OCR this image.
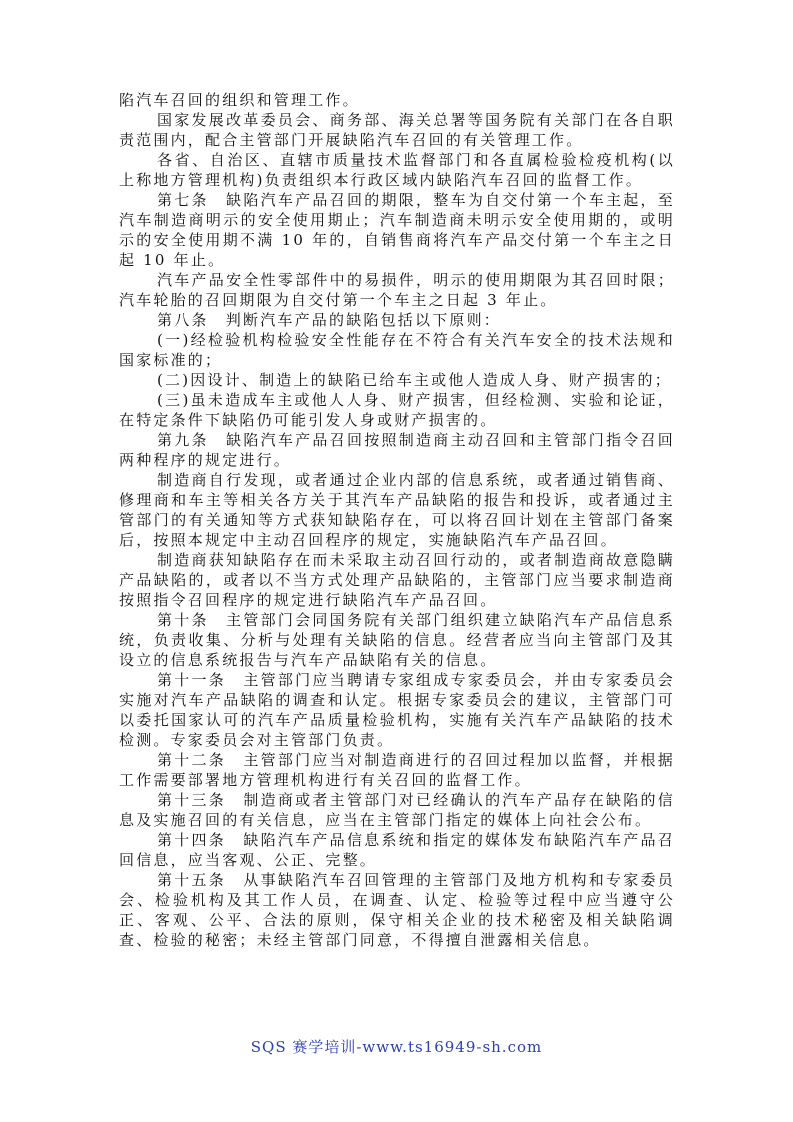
陷汽车召回的组织和管理工作。

国家发展改革委员会、商务部、海关总署等国务院有关部门在各自职责范围内，配合主管部门开展缺陷汽车召回的有关管理工作。

各省、自治区、直辖市质量技术监督部门和各直属检验检疫机构(以上称地方管理机构)负责组织本行政区域内缺陷汽车召回的监督工作。

第七条　缺陷汽车产品召回的期限，整车为自交付第一个车主起，至汽车制造商明示的安全使用期止；汽车制造商未明示安全使用期的，或明示的安全使用期不满 10 年的，自销售商将汽车产品交付第一个车主之日起 10 年止。

汽车产品安全性零部件中的易损件，明示的使用期限为其召回时限；汽车轮胎的召回期限为自交付第一个车主之日起 3 年止。

第八条　判断汽车产品的缺陷包括以下原则：

(一)经检验机构检验安全性能存在不符合有关汽车安全的技术法规和国家标准的；

(二)因设计、制造上的缺陷已给车主或他人造成人身、财产损害的；

(三)虽未造成车主或他人人身、财产损害，但经检测、实验和论证，在特定条件下缺陷仍可能引发人身或财产损害的。

第九条　缺陷汽车产品召回按照制造商主动召回和主管部门指令召回两种程序的规定进行。

制造商自行发现，或者通过企业内部的信息系统，或者通过销售商、修理商和车主等相关各方关于其汽车产品缺陷的报告和投诉，或者通过主管部门的有关通知等方式获知缺陷存在，可以将召回计划在主管部门备案后，按照本规定中主动召回程序的规定，实施缺陷汽车产品召回。

制造商获知缺陷存在而未采取主动召回行动的，或者制造商故意隐瞒产品缺陷的，或者以不当方式处理产品缺陷的，主管部门应当要求制造商按照指令召回程序的规定进行缺陷汽车产品召回。

第十条　主管部门会同国务院有关部门组织建立缺陷汽车产品信息系统，负责收集、分析与处理有关缺陷的信息。经营者应当向主管部门及其设立的信息系统报告与汽车产品缺陷有关的信息。

第十一条　主管部门应当聘请专家组成专家委员会，并由专家委员会实施对汽车产品缺陷的调查和认定。根据专家委员会的建议，主管部门可以委托国家认可的汽车产品质量检验机构，实施有关汽车产品缺陷的技术检测。专家委员会对主管部门负责。

第十二条　主管部门应当对制造商进行的召回过程加以监督，并根据工作需要部署地方管理机构进行有关召回的监督工作。

第十三条　制造商或者主管部门对已经确认的汽车产品存在缺陷的信息及实施召回的有关信息，应当在主管部门指定的媒体上向社会公布。

第十四条　缺陷汽车产品信息系统和指定的媒体发布缺陷汽车产品召回信息，应当客观、公正、完整。

第十五条　从事缺陷汽车召回管理的主管部门及地方机构和专家委员会、检验机构及其工作人员，在调查、认定、检验等过程中应当遵守公正、客观、公平、合法的原则，保守相关企业的技术秘密及相关缺陷调查、检验的秘密；未经主管部门同意，不得擅自泄露相关信息。

SQS 赛学培训-www.ts16949-sh.com
